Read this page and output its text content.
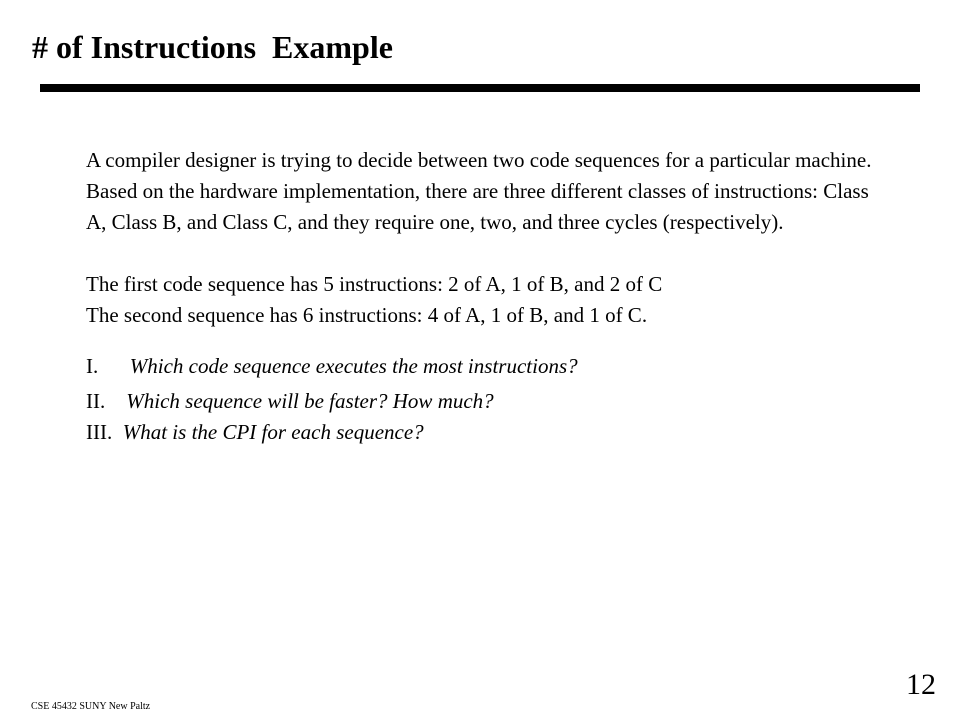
# of Instructions  Example

A compiler designer is trying to decide between two code sequences for a particular machine. Based on the hardware implementation, there are three different classes of instructions: Class A, Class B, and Class C, and they require one, two, and three cycles (respectively).

The first code sequence has 5 instructions: 2 of A, 1 of B, and 2 of C

The second sequence has 6 instructions: 4 of A, 1 of B, and 1 of C.

I. Which code sequence executes the most instructions?

II. Which sequence will be faster? How much?

III. What is the CPI for each sequence?

12
CSE 45432 SUNY New Paltz
